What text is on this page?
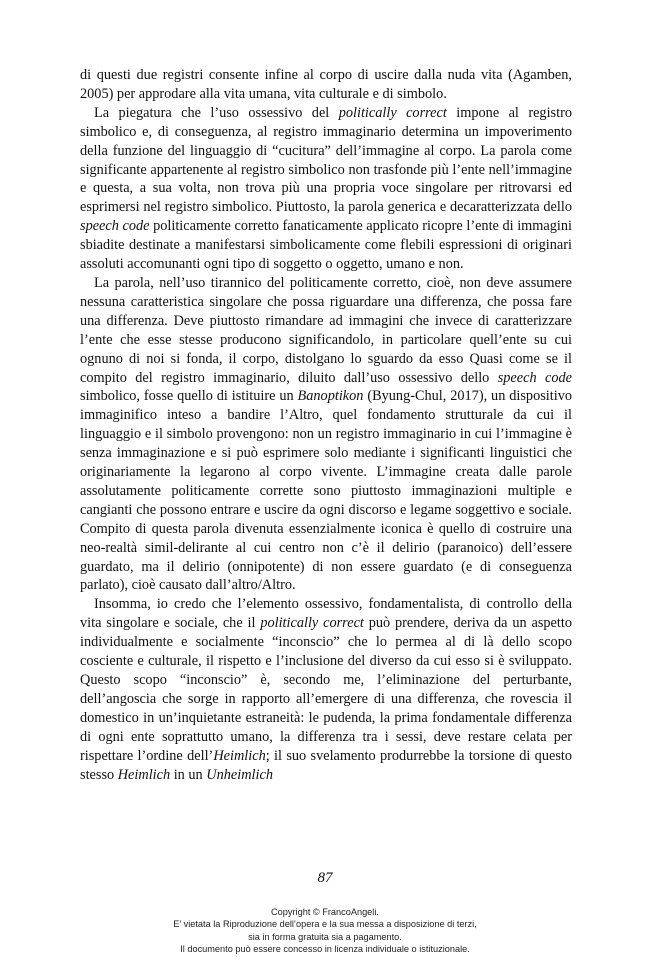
di questi due registri consente infine al corpo di uscire dalla nuda vita (Agamben, 2005) per approdare alla vita umana, vita culturale e di simbolo.

La piegatura che l’uso ossessivo del politically correct impone al registro simbolico e, di conseguenza, al registro immaginario determina un impoverimento della funzione del linguaggio di “cucitura” dell’immagine al corpo. La parola come significante appartenente al registro simbolico non trasfonde più l’ente nell’immagine e questa, a sua volta, non trova più una propria voce singolare per ritrovarsi ed esprimersi nel registro simbolico. Piuttosto, la parola generica e decaratterizzata dello speech code politicamente corretto fanaticamente applicato ricopre l’ente di immagini sbiadite destinate a manifestarsi simbolicamente come flebili espressioni di originari assoluti accomunanti ogni tipo di soggetto o oggetto, umano e non.

La parola, nell’uso tirannico del politicamente corretto, cioè, non deve assumere nessuna caratteristica singolare che possa riguardare una differenza, che possa fare una differenza. Deve piuttosto rimandare ad immagini che invece di caratterizzare l’ente che esse stesse producono significandolo, in particolare quell’ente su cui ognuno di noi si fonda, il corpo, distolgano lo sguardo da esso Quasi come se il compito del registro immaginario, diluito dall’uso ossessivo dello speech code simbolico, fosse quello di istituire un Banoptikon (Byung-Chul, 2017), un dispositivo immaginifico inteso a bandire l’Altro, quel fondamento strutturale da cui il linguaggio e il simbolo provengono: non un registro immaginario in cui l’immagine è senza immaginazione e si può esprimere solo mediante i significanti linguistici che originariamente la legarono al corpo vivente. L’immagine creata dalle parole assolutamente politicamente corrette sono piuttosto immaginazioni multiple e cangianti che possono entrare e uscire da ogni discorso e legame soggettivo e sociale. Compito di questa parola divenuta essenzialmente iconica è quello di costruire una neo-realtà simil-delirante al cui centro non c’è il delirio (paranoico) dell’essere guardato, ma il delirio (onnipotente) di non essere guardato (e di conseguenza parlato), cioè causato dall’altro/Altro.

Insomma, io credo che l’elemento ossessivo, fondamentalista, di controllo della vita singolare e sociale, che il politically correct può prendere, deriva da un aspetto individualmente e socialmente “inconscio” che lo permea al di là dello scopo cosciente e culturale, il rispetto e l’inclusione del diverso da cui esso si è sviluppato. Questo scopo “inconscio” è, secondo me, l’eliminazione del perturbante, dell’angoscia che sorge in rapporto all’emergere di una differenza, che rovescia il domestico in un’inquietante estraneità: le pudenda, la prima fondamentale differenza di ogni ente soprattutto umano, la differenza tra i sessi, deve restare celata per rispettare l’ordine dell’Heimlich; il suo svelamento produrrebbe la torsione di questo stesso Heimlich in un Unheimlich

87
Copyright © FrancoAngeli.
E’ vietata la Riproduzione dell’opera e la sua messa a disposizione di terzi,
sia in forma gratuita sia a pagamento.
Il documento può essere concesso in licenza individuale o istituzionale.
